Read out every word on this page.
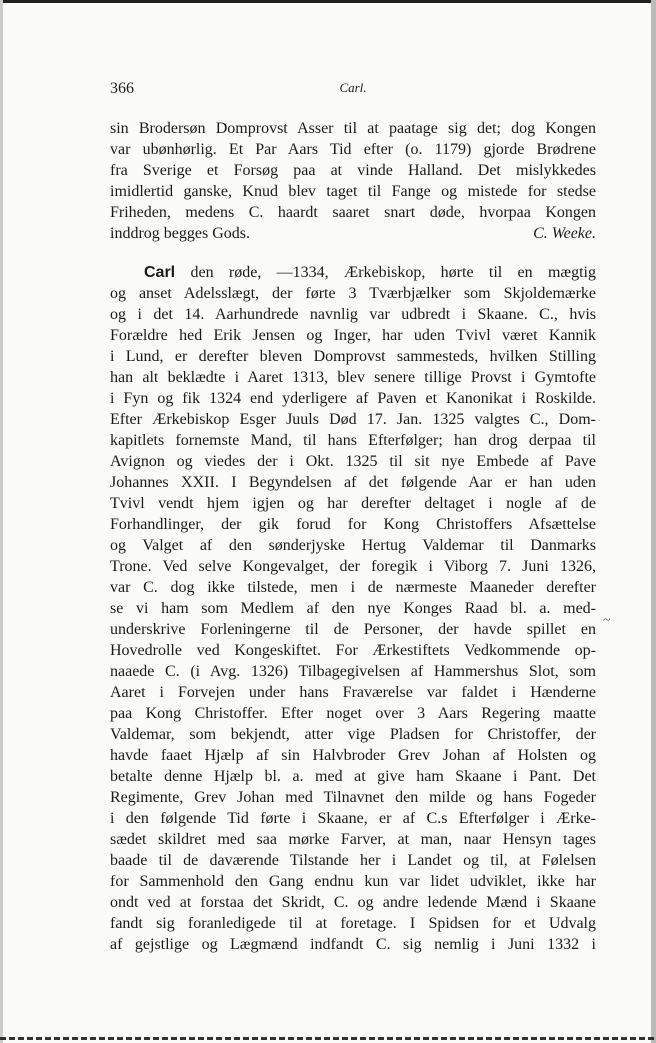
366	Carl.
sin Brodersøn Domprovst Asser til at paatage sig det; dog Kongen
var ubønhørlig. Et Par Aars Tid efter (o. 1179) gjorde Brødrene
fra Sverige et Forsøg paa at vinde Halland. Det mislykkedes
imidlertid ganske, Knud blev taget til Fange og mistede for stedse
Friheden, medens C. haardt saaret snart døde, hvorpaa Kongen
inddrog begges Gods.	C. Weeke.
Carl den røde, —1334, Ærkebiskop, hørte til en mægtig
og anset Adelsslægt, der førte 3 Tværbjælker som Skjoldemærke
og i det 14. Aarhundrede navnlig var udbredt i Skaane. C., hvis
Forældre hed Erik Jensen og Inger, har uden Tvivl været Kannik
i Lund, er derefter bleven Domprovst sammesteds, hvilken Stilling
han alt beklædte i Aaret 1313, blev senere tillige Provst i Gymtofte
i Fyn og fik 1324 end yderligere af Paven et Kanonikat i Roskilde.
Efter Ærkebiskop Esger Juuls Død 17. Jan. 1325 valgtes C., Dom-
kapitlets fornemste Mand, til hans Efterfølger; han drog derpaa til
Avignon og viedes der i Okt. 1325 til sit nye Embede af Pave
Johannes XXII. I Begyndelsen af det følgende Aar er han uden
Tvivl vendt hjem igjen og har derefter deltaget i nogle af de
Forhandlinger, der gik forud for Kong Christoffers Afsættelse
og Valget af den sønderjyske Hertug Valdemar til Danmarks
Trone. Ved selve Kongevalget, der foregik i Viborg 7. Juni 1326,
var C. dog ikke tilstede, men i de nærmeste Maaneder derefter
se vi ham som Medlem af den nye Konges Raad bl. a. med-
underskrive Forleningerne til de Personer, der havde spillet en
Hovedrolle ved Kongeskiftet. For Ærkestiftets Vedkommende op-
naaede C. (i Avg. 1326) Tilbagegivelsen af Hammershus Slot, som
Aaret i Forvejen under hans Fraværelse var faldet i Hænderne
paa Kong Christoffer. Efter noget over 3 Aars Regering maatte
Valdemar, som bekjendt, atter vige Pladsen for Christoffer, der
havde faaet Hjælp af sin Halvbroder Grev Johan af Holsten og
betalte denne Hjælp bl. a. med at give ham Skaane i Pant. Det
Regimente, Grev Johan med Tilnavnet den milde og hans Fogeder
i den følgende Tid førte i Skaane, er af C.s Efterfølger i Ærke-
sædet skildret med saa mørke Farver, at man, naar Hensyn tages
baade til de daværende Tilstande her i Landet og til, at Følelsen
for Sammenhold den Gang endnu kun var lidet udviklet, ikke har
ondt ved at forstaa det Skridt, C. og andre ledende Mænd i Skaane
fandt sig foranledigede til at foretage. I Spidsen for et Udvalg
af gejstlige og Lægmænd indfandt C. sig nemlig i Juni 1332 i
~
